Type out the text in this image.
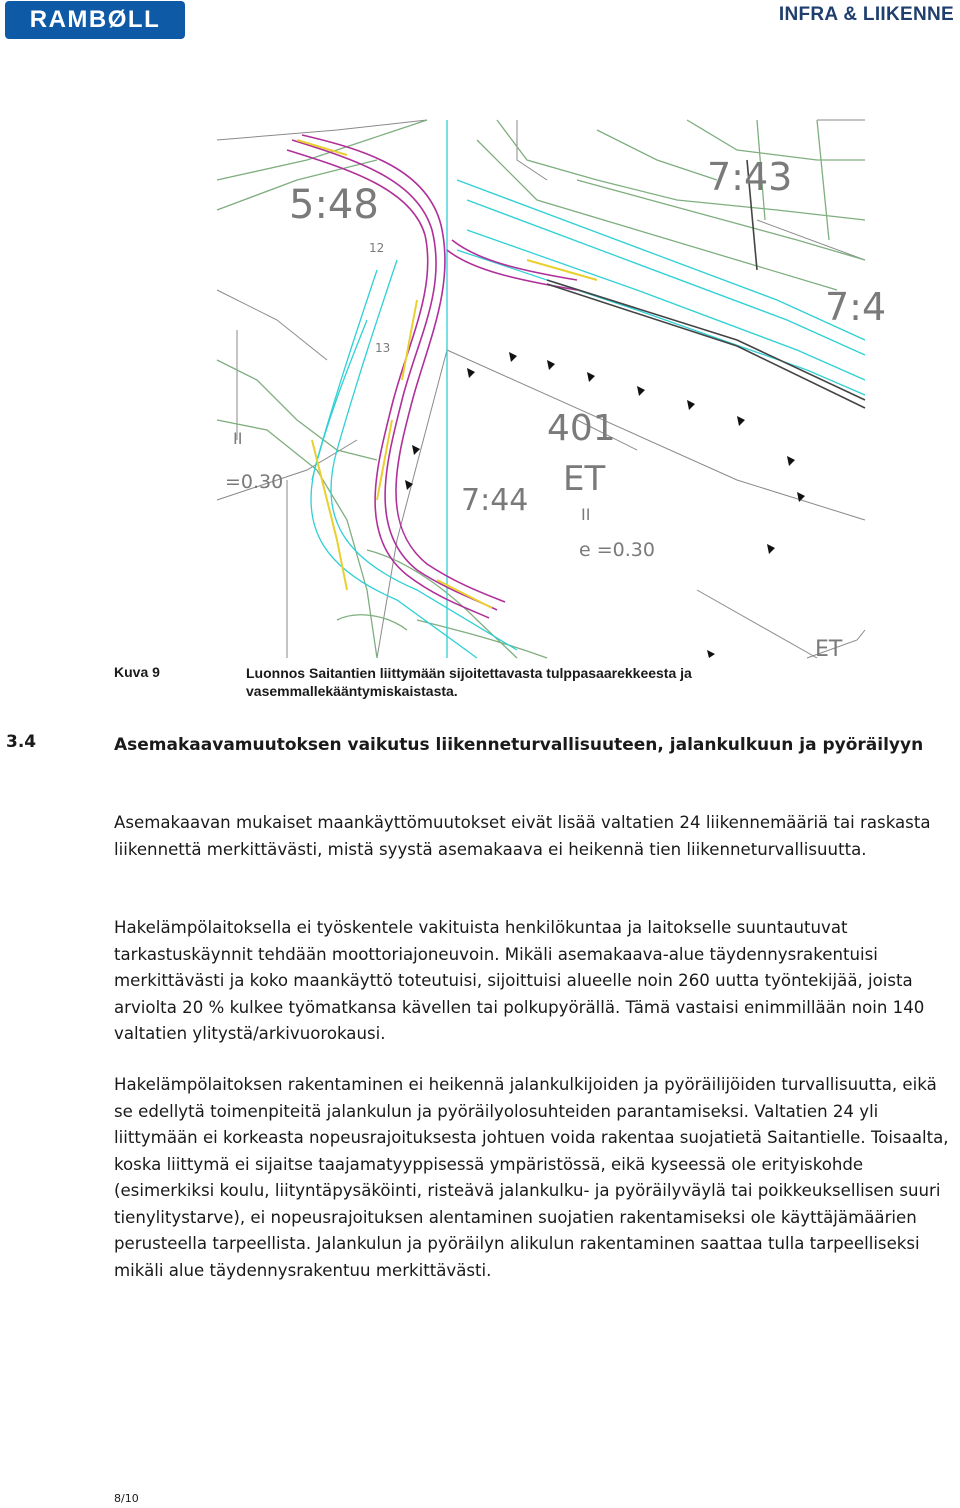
RAMBØLL	INFRA & LIIKENNE
5:48
7:43
7:4
7:44
401
ET
II
II
=0.30
e =0.30
12
13
ET
Kuva 9	Luonnos Saitantien liittymään sijoitettavasta tulppasaarekkeesta ja vasemmallekääntymiskaistasta.
3.4	Asemakaavamuutoksen vaikutus liikenneturvallisuuteen, jalankulkuun ja pyöräilyyn

Asemakaavan mukaiset maankäyttömuutokset eivät lisää valtatien 24 liikennemääriä tai raskasta liikennettä merkittävästi, mistä syystä asemakaava ei heikennä tien liikenneturvallisuutta.

Hakelämpölaitoksella ei työskentele vakituista henkilökuntaa ja laitokselle suuntautuvat tarkastuskäynnit tehdään moottoriajoneuvoin. Mikäli asemakaava-alue täydennysrakentuisi merkittävästi ja koko maankäyttö toteutuisi, sijoittuisi alueelle noin 260 uutta työntekijää, joista arviolta 20 % kulkee työmatkansa kävellen tai polkupyörällä. Tämä vastaisi enimmillään noin 140 valtatien ylitystä/arkivuorokausi.

Hakelämpölaitoksen rakentaminen ei heikennä jalankulkijoiden ja pyöräilijöiden turvallisuutta, eikä se edellytä toimenpiteitä jalankulun ja pyöräilyolosuhteiden parantamiseksi. Valtatien 24 yli liittymään ei korkeasta nopeusrajoituksesta johtuen voida rakentaa suojatietä Saitantielle. Toisaalta, koska liittymä ei sijaitse taajamatyyppisessä ympäristössä, eikä kyseessä ole erityiskohde (esimerkiksi koulu, liityntäpysäköinti, risteävä jalankulku- ja pyöräilyväylä tai poikkeuksellisen suuri tienylitystarve), ei nopeusrajoituksen alentaminen suojatien rakentamiseksi ole käyttäjämäärien perusteella tarpeellista. Jalankulun ja pyöräilyn alikulun rakentaminen saattaa tulla tarpeelliseksi mikäli alue täydennysrakentuu merkittävästi.

8/10
